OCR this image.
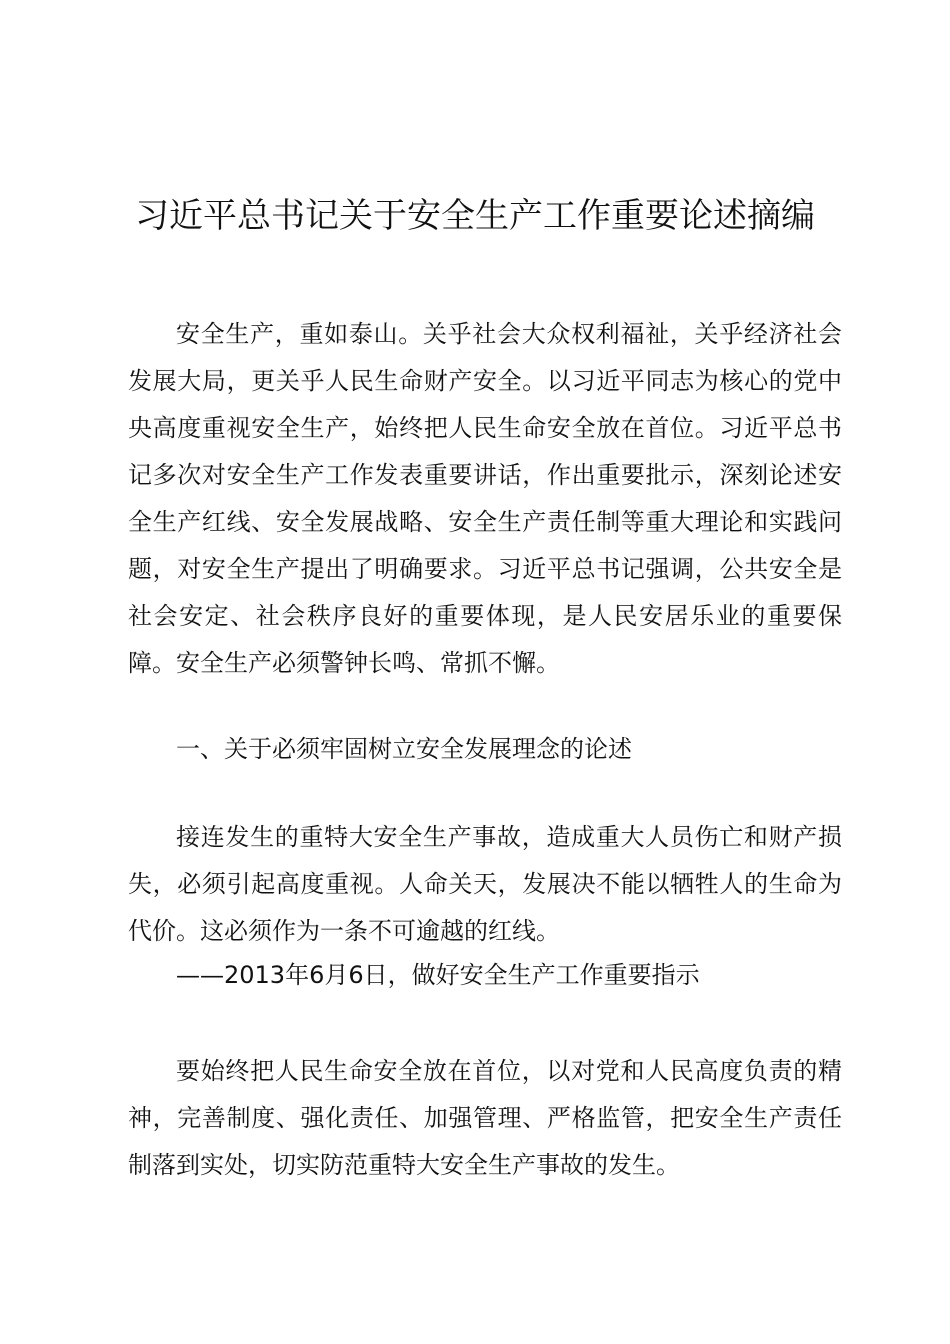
习近平总书记关于安全生产工作重要论述摘编

安全生产，重如泰山。关乎社会大众权利福祉，关乎经济社会发展大局，更关乎人民生命财产安全。以习近平同志为核心的党中央高度重视安全生产，始终把人民生命安全放在首位。习近平总书记多次对安全生产工作发表重要讲话，作出重要批示，深刻论述安全生产红线、安全发展战略、安全生产责任制等重大理论和实践问题，对安全生产提出了明确要求。习近平总书记强调，公共安全是社会安定、社会秩序良好的重要体现，是人民安居乐业的重要保障。安全生产必须警钟长鸣、常抓不懈。

一、关于必须牢固树立安全发展理念的论述

接连发生的重特大安全生产事故，造成重大人员伤亡和财产损失，必须引起高度重视。人命关天，发展决不能以牺牲人的生命为代价。这必须作为一条不可逾越的红线。

——2013年6月6日，做好安全生产工作重要指示

要始终把人民生命安全放在首位，以对党和人民高度负责的精神，完善制度、强化责任、加强管理、严格监管，把安全生产责任制落到实处，切实防范重特大安全生产事故的发生。
